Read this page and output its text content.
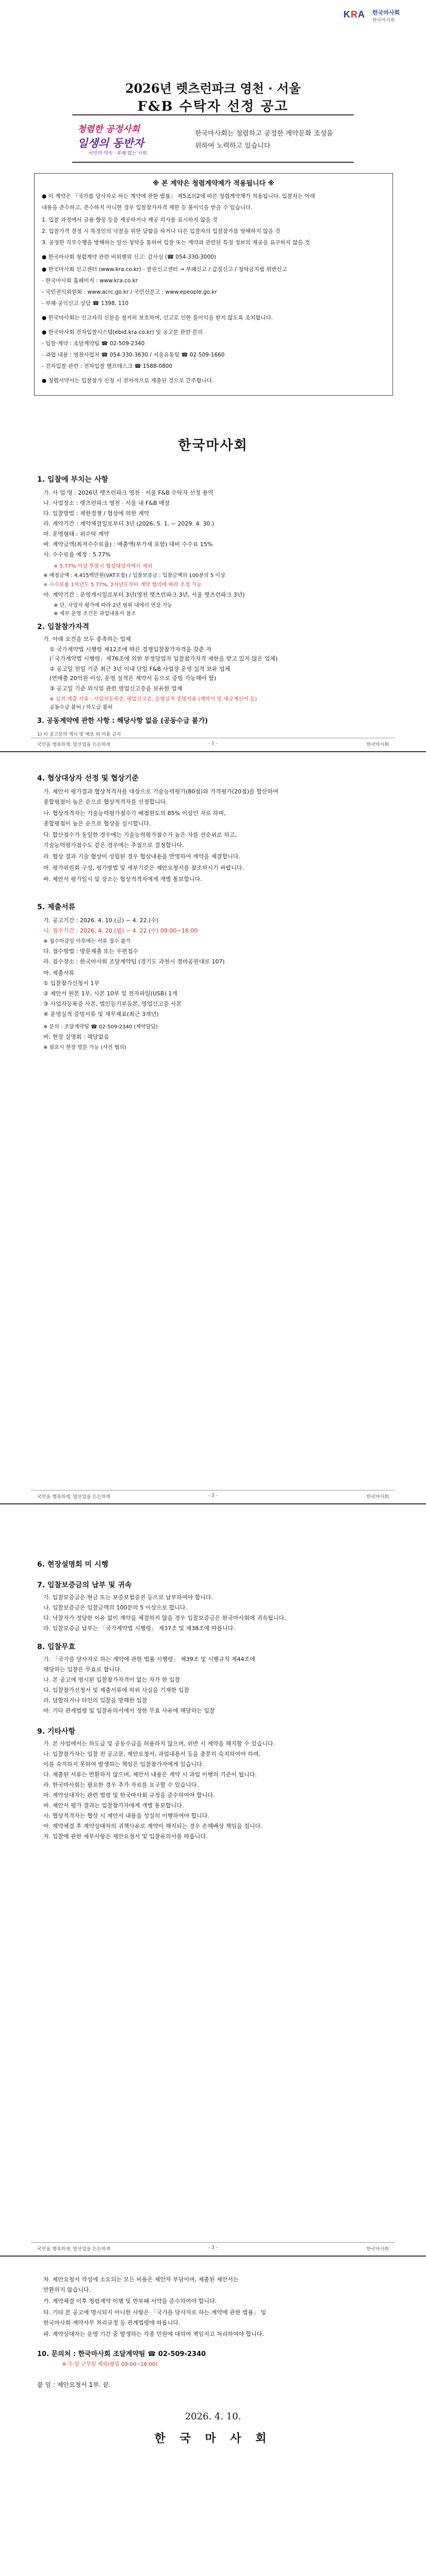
KRA 한국마사회
한국마사회
2026년 렛츠런파크 영천 · 서울
F&B 수탁자 선정 공고
청렴한 공정사회
일생의 동반자
국민의 약속 · 부패 없는 사회
한국마사회는 청렴하고 공정한 계약문화 조성을
위하여 노력하고 있습니다
※ 본 계약은 청렴계약제가 적용됩니다 ※
● 이 계약은 『국가를 당사자로 하는 계약에 관한 법률』 제5조의2에 따른 청렴계약제가 적용됩니다. 입찰자는 아래
내용을 준수하고, 준수하지 아니한 경우 입찰참가자격 제한 등 불이익을 받을 수 있습니다.
1. 입찰 과정에서 금품·향응 등을 제공하거나 제공 의사를 표시하지 않을 것
2. 입찰가격 결정 시 특정인의 낙찰을 위한 담합을 하거나 다른 입찰자의 입찰참가를 방해하지 않을 것
3. 공정한 직무수행을 방해하는 알선·청탁을 통하여 입찰 또는 계약과 관련된 특정 정보의 제공을 요구하지 않을 것
● 한국마사회 청렴계약 관련 비위행위 신고: 감사실 (☎ 054-330-3000)
● 한국마사회 신고센터 (www.kra.co.kr) - 클린신고센터 → 부패신고 / 갑질신고 / 청탁금지법 위반신고
- 한국마사회 홈페이지 : www.kra.co.kr
- 국민권익위원회 : www.acrc.go.kr / 국민신문고 : www.epeople.go.kr
- 부패·공익신고 상담 ☎ 1398, 110
● 한국마사회는 신고자의 신분을 철저히 보호하며, 신고로 인한 불이익을 받지 않도록 조치합니다.
● 한국마사회 전자입찰시스템(ebid.kra.co.kr) 및 공고문 관련 문의
- 입찰·계약 : 조달계약팀 ☎ 02-509-2340
- 과업 내용 : 영천사업처 ☎ 054-330-3630 / 서울유통팀 ☎ 02-509-1660
- 전자입찰 관련 : 전자입찰 헬프데스크 ☎ 1588-0800
● 청렴서약서는 입찰참가 신청 시 전자적으로 제출된 것으로 간주합니다.
한국마사회
1. 입찰에 부치는 사항
가. 사 업 명 : 2026년 렛츠런파크 영천 · 서울 F&B 수탁자 선정 용역
나. 사업장소 : 렛츠런파크 영천 · 서울 내 F&B 매장
다. 입찰방법 : 제한경쟁 / 협상에 의한 계약
라. 계약기간 : 계약체결일로부터 3년 (2026. 5. 1. ~ 2029. 4. 30.)
마. 운영형태 : 위수탁 계약
바. 계약금액(최저수수료율) : 매출액(부가세 포함) 대비 수수료 15%
사. 수수료율 예정 : 5.77%
※ 5.77% 이상 투찰시 협상대상자에서 제외
※ 예정금액 : 4,415백만원(VAT포함) / 입찰보증금 : 입찰금액의 100분의 5 이상
※ 수수료율 1차년도 5.77%, 2차년도부터 계약 협의에 따라 조정 가능
아. 계약기간 : 운영개시일로부터 3년(영천 렛츠런파크 3년, 서울 렛츠런파크 3년)
※ 단, 사업자 평가에 따라 2년 범위 내에서 연장 가능
※ 세부 운영 조건은 과업내용서 참조
2. 입찰참가자격
가. 아래 요건을 모두 충족하는 업체
① 국가계약법 시행령 제12조에 따른 경쟁입찰참가자격을 갖춘 자
(「국가계약법 시행령」제76조에 의한 부정당업자 입찰참가자격 제한을 받고 있지 않은 업체)
② 공고일 전일 기준 최근 3년 이내 단일 F&B 사업장 운영 실적 보유 업체
(연매출 20억원 이상, 운영 실적은 계약서 등으로 증빙 가능해야 함)
③ 공고일 기준 외식업 관련 영업신고증을 보유한 업체
※ 실적 제출 서류 : 사업자등록증, 영업신고증, 운영실적 증명서류 (계약서 및 세금계산서 등)
공동수급 불허 / 하도급 불허
3. 공동계약에 관한 사항 : 해당사항 없음 (공동수급 불가)
1) 이 공고문의 게시 및 배포 외 이용 금지
국민을 행복하게, 말산업을 든든하게	- 1 -	한국마사회
4. 협상대상자 선정 및 협상기준
가. 제안서 평가결과 협상적격자를 대상으로 기술능력평가(80점)와 가격평가(20점)를 합산하여
종합평점이 높은 순으로 협상적격자를 선정합니다.
나. 협상적격자는 기술능력평가점수가 배점한도의 85% 이상인 자로 하며,
종합평점이 높은 순으로 협상을 실시합니다.
다. 합산점수가 동일한 경우에는 기술능력평가점수가 높은 자를 선순위로 하고,
기술능력평가점수도 같은 경우에는 추첨으로 결정합니다.
라. 협상 결과 기술 협상이 성립된 경우 협상내용을 반영하여 계약을 체결합니다.
마. 평가위원회 구성, 평가방법 및 세부기준은 제안요청서를 참조하시기 바랍니다.
바. 제안서 평가일시 및 장소는 협상적격자에게 개별 통보합니다.
5. 제출서류
가. 공고기간 : 2026. 4. 10.(금) ~ 4. 22.(수)
나. 접수기간 : 2026. 4. 20.(월) ~ 4. 22.(수) 09:00~16:00
※ 접수마감일 이후에는 서류 접수 불가
다. 접수방법 : 방문제출 또는 우편접수
라. 접수장소 : 한국마사회 조달계약팀 (경기도 과천시 경마공원대로 107)
마. 제출서류
① 입찰참가신청서 1부
② 제안서 원본 1부, 사본 10부 및 전자파일(USB) 1개
③ 사업자등록증 사본, 법인등기부등본, 영업신고증 사본
④ 운영실적 증빙서류 및 재무제표(최근 3개년)
※ 문의 : 조달계약팀 ☎ 02-509-2340 (계약담당)
바. 현장 설명회 : 해당없음
※ 필요시 현장 방문 가능 (사전 협의)
국민을 행복하게, 말산업을 든든하게	- 2 -	한국마사회
6. 현장설명회 미 시행
7. 입찰보증금의 납부 및 귀속
가. 입찰보증금은 현금 또는 보증보험증권 등으로 납부하여야 합니다.
나. 입찰보증금은 입찰금액의 100분의 5 이상으로 합니다.
다. 낙찰자가 정당한 이유 없이 계약을 체결하지 않을 경우 입찰보증금은 한국마사회에 귀속됩니다.
라. 입찰보증금 납부는 「국가계약법 시행령」 제37조 및 제38조에 따릅니다.
8. 입찰무효
가. 「국가를 당사자로 하는 계약에 관한 법률 시행령」 제39조 및 시행규칙 제44조에
해당하는 입찰은 무효로 합니다.
나. 본 공고에 명시된 입찰참가자격이 없는 자가 한 입찰
다. 입찰참가신청서 및 제출서류에 허위 사실을 기재한 입찰
라. 담합하거나 타인의 입찰을 방해한 입찰
마. 기타 관계법령 및 입찰유의서에서 정한 무효 사유에 해당하는 입찰
9. 기타사항
가. 본 사업에서는 하도급 및 공동수급을 허용하지 않으며, 위반 시 계약을 해지할 수 있습니다.
나. 입찰참가자는 입찰 전 공고문, 제안요청서, 과업내용서 등을 충분히 숙지하여야 하며,
이를 숙지하지 못하여 발생하는 책임은 입찰참가자에게 있습니다.
다. 제출된 서류는 반환하지 않으며, 제안서 내용은 계약 시 과업 이행의 기준이 됩니다.
라. 한국마사회는 필요한 경우 추가 자료를 요구할 수 있습니다.
마. 계약상대자는 관련 법령 및 한국마사회 규정을 준수하여야 합니다.
바. 제안서 평가 결과는 입찰참가자에게 개별 통보합니다.
사. 협상적격자는 협상 시 제안서 내용을 성실히 이행하여야 합니다.
아. 계약체결 후 계약상대자의 귀책사유로 계약이 해지되는 경우 손해배상 책임을 집니다.
자. 입찰에 관한 세부사항은 제안요청서 및 입찰유의서를 따릅니다.
국민을 행복하게, 말산업을 든든하게	- 3 -	한국마사회
차. 제안요청서 작성에 소요되는 모든 비용은 제안자 부담이며, 제출된 제안서는
반환하지 않습니다.
카. 계약체결 이후 청렴계약 이행 및 반부패 서약을 준수하여야 합니다.
타. 기타 본 공고에 명시되지 아니한 사항은 「국가를 당사자로 하는 계약에 관한 법률」 및
한국마사회 계약사무 처리규정 등 관계법령에 따릅니다.
파. 계약상대자는 운영 기간 중 발생하는 각종 민원에 대하여 책임지고 처리하여야 합니다.
10. 문의처 : 한국마사회 조달계약팀 ☎ 02-509-2340
※ 수·일 근무일 제외(평일 09:00~18:00)
붙 임 : 제안요청서 1부. 끝.
2026. 4. 10.
한 국 마 사 회
